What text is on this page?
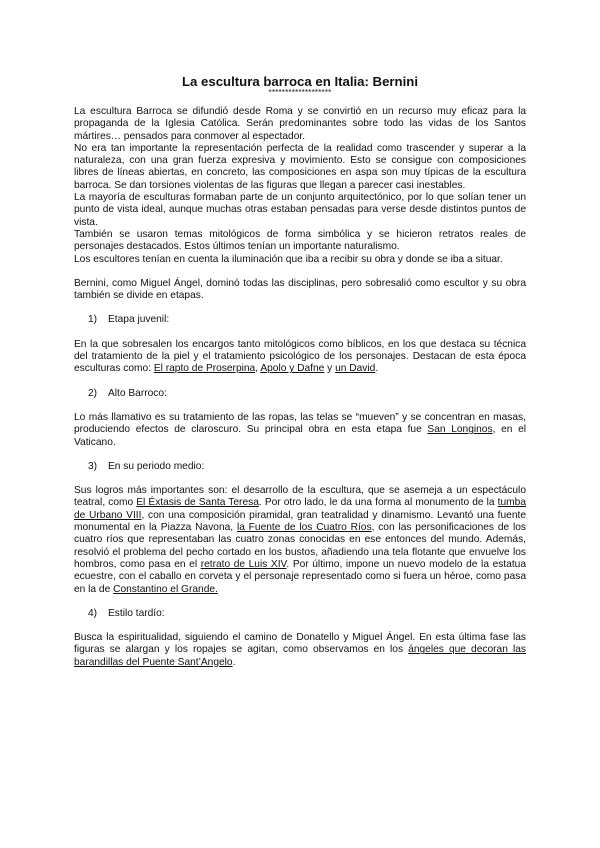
La escultura barroca en Italia: Bernini
*******************

La escultura Barroca se difundió desde Roma y se convirtió en un recurso muy eficaz para la propaganda de la Iglesia Católica. Serán predominantes sobre todo las vidas de los Santos mártires… pensados para conmover al espectador.

No era tan importante la representación perfecta de la realidad como trascender y superar a la naturaleza, con una gran fuerza expresiva y movimiento. Esto se consigue con composiciones libres de líneas abiertas, en concreto, las composiciones en aspa son muy típicas de la escultura barroca. Se dan torsiones violentas de las figuras que llegan a parecer casi inestables.

La mayoría de esculturas formaban parte de un conjunto arquitectónico, por lo que solían tener un punto de vista ideal, aunque muchas otras estaban pensadas para verse desde distintos puntos de vista.

También se usaron temas mitológicos de forma simbólica y se hicieron retratos reales de personajes destacados. Estos últimos tenían un importante naturalismo.

Los escultores tenían en cuenta la iluminación que iba a recibir su obra y donde se iba a situar.

Bernini, como Miguel Ángel, dominó todas las disciplinas, pero sobresalió como escultor y su obra también se divide en etapas.

1) Etapa juvenil:

En la que sobresalen los encargos tanto mitológicos como bíblicos, en los que destaca su técnica del tratamiento de la piel y el tratamiento psicológico de los personajes. Destacan de esta época esculturas como: El rapto de Proserpina, Apolo y Dafne y un David.

2) Alto Barroco:

Lo más llamativo es su tratamiento de las ropas, las telas se “mueven” y se concentran en masas, produciendo efectos de claroscuro. Su principal obra en esta etapa fue San Longinos, en el Vaticano.

3) En su periodo medio:

Sus logros más importantes son: el desarrollo de la escultura, que se asemeja a un espectáculo teatral, como El Éxtasis de Santa Teresa. Por otro lado, le da una forma al monumento de la tumba de Urbano VIII, con una composición piramidal, gran teatralidad y dinamismo. Levantó una fuente monumental en la Piazza Navona, la Fuente de los Cuatro Ríos, con las personificaciones de los cuatro ríos que representaban las cuatro zonas conocidas en ese entonces del mundo. Además, resolvió el problema del pecho cortado en los bustos, añadiendo una tela flotante que envuelve los hombros, como pasa en el retrato de Luis XIV. Por último, impone un nuevo modelo de la estatua ecuestre, con el caballo en corveta y el personaje representado como si fuera un héroe, como pasa en la de Constantino el Grande.

4) Estilo tardío:

Busca la espiritualidad, siguiendo el camino de Donatello y Miguel Ángel. En esta última fase las figuras se alargan y los ropajes se agitan, como observamos en los ángeles que decoran las barandillas del Puente Sant’Angelo.
